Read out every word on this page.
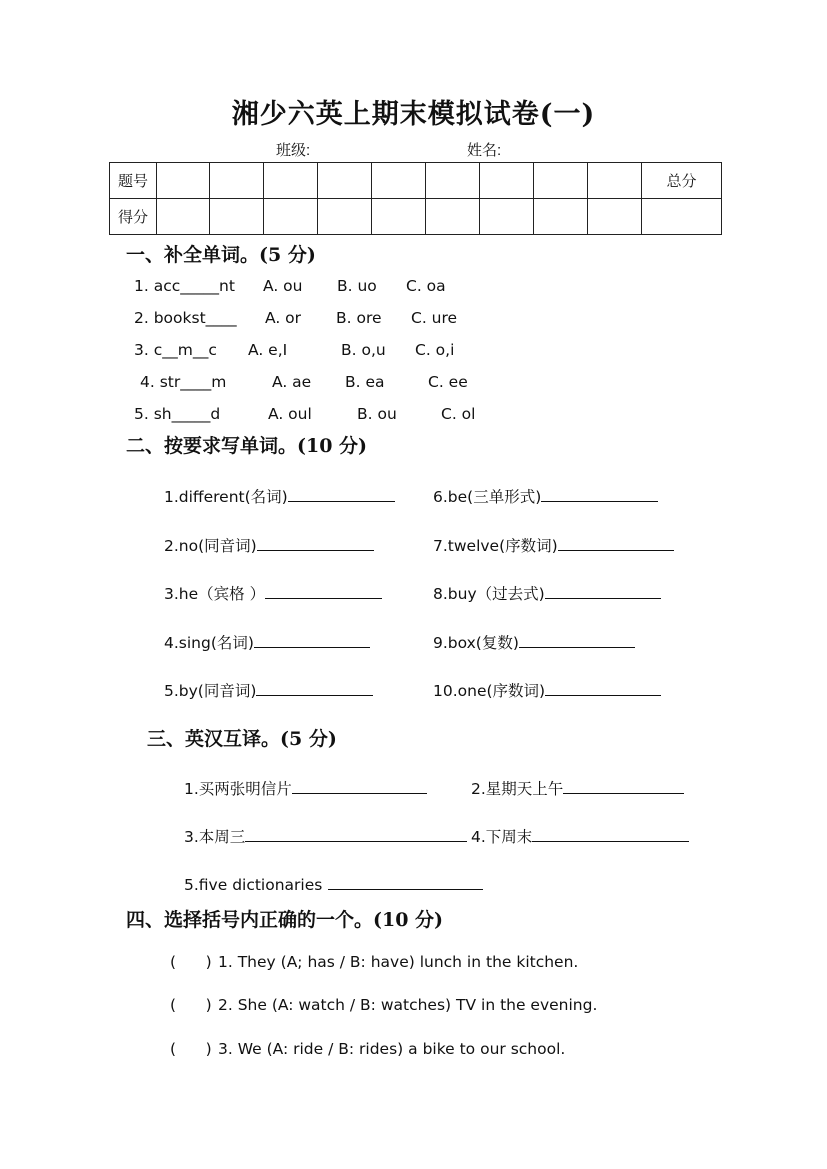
湘少六英上期末模拟试卷(一)
班级:	姓名:
题号										总分
得分										
一、补全单词。(5 分)
1. acc_____nt A. ou B. uo C. oa
2. bookst____ A. or B. ore C. ure
3. c__m__c A. e,I	B. o,u C. o,i
4. str____m	A. ae B. ea	C. ee
5. sh_____d	A. oul	B. ou	C. ol
二、按要求写单词。(10 分)
1.different(名词)
2.no(同音词)
3.he（宾格 ）
4.sing(名词)
5.by(同音词)
6.be(三单形式)
7.twelve(序数词)
8.buy（过去式)
9.box(复数)
10.one(序数词)
三、英汉互译。(5 分)
1.买两张明信片	2.星期天上午
3.本周三	4.下周末
5.five dictionaries
四、选择括号内正确的一个。(10 分)
(      ) 1. They (A; has / B: have) lunch in the kitchen.
(      ) 2. She (A: watch / B: watches) TV in the evening.
(      ) 3. We (A: ride / B: rides) a bike to our school.
